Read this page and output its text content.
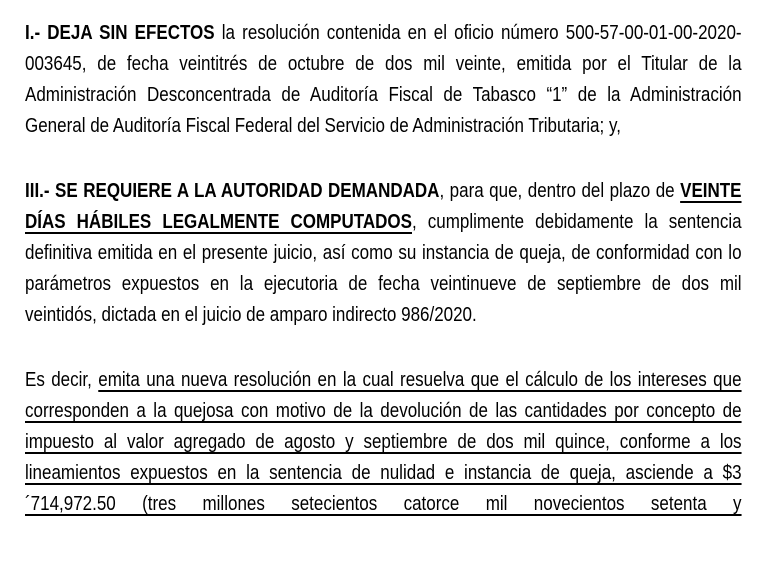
I.- DEJA SIN EFECTOS la resolución contenida en el oficio número 500-57-00-01-00-2020-003645, de fecha veintitrés de octubre de dos mil veinte, emitida por el Titular de la Administración Desconcentrada de Auditoría Fiscal de Tabasco “1” de la Administración General de Auditoría Fiscal Federal del Servicio de Administración Tributaria; y,

III.- SE REQUIERE A LA AUTORIDAD DEMANDADA, para que, dentro del plazo de VEINTE DÍAS HÁBILES LEGALMENTE COMPUTADOS, cumplimente debidamente la sentencia definitiva emitida en el presente juicio, así como su instancia de queja, de conformidad con lo parámetros expuestos en la ejecutoria de fecha veintinueve de septiembre de dos mil veintidós, dictada en el juicio de amparo indirecto 986/2020.

Es decir, emita una nueva resolución en la cual resuelva que el cálculo de los intereses que corresponden a la quejosa con motivo de la devolución de las cantidades por concepto de impuesto al valor agregado de agosto y septiembre de dos mil quince, conforme a los lineamientos expuestos en la sentencia de nulidad e instancia de queja, asciende a $3´714,972.50 (tres millones setecientos catorce mil novecientos setenta y
